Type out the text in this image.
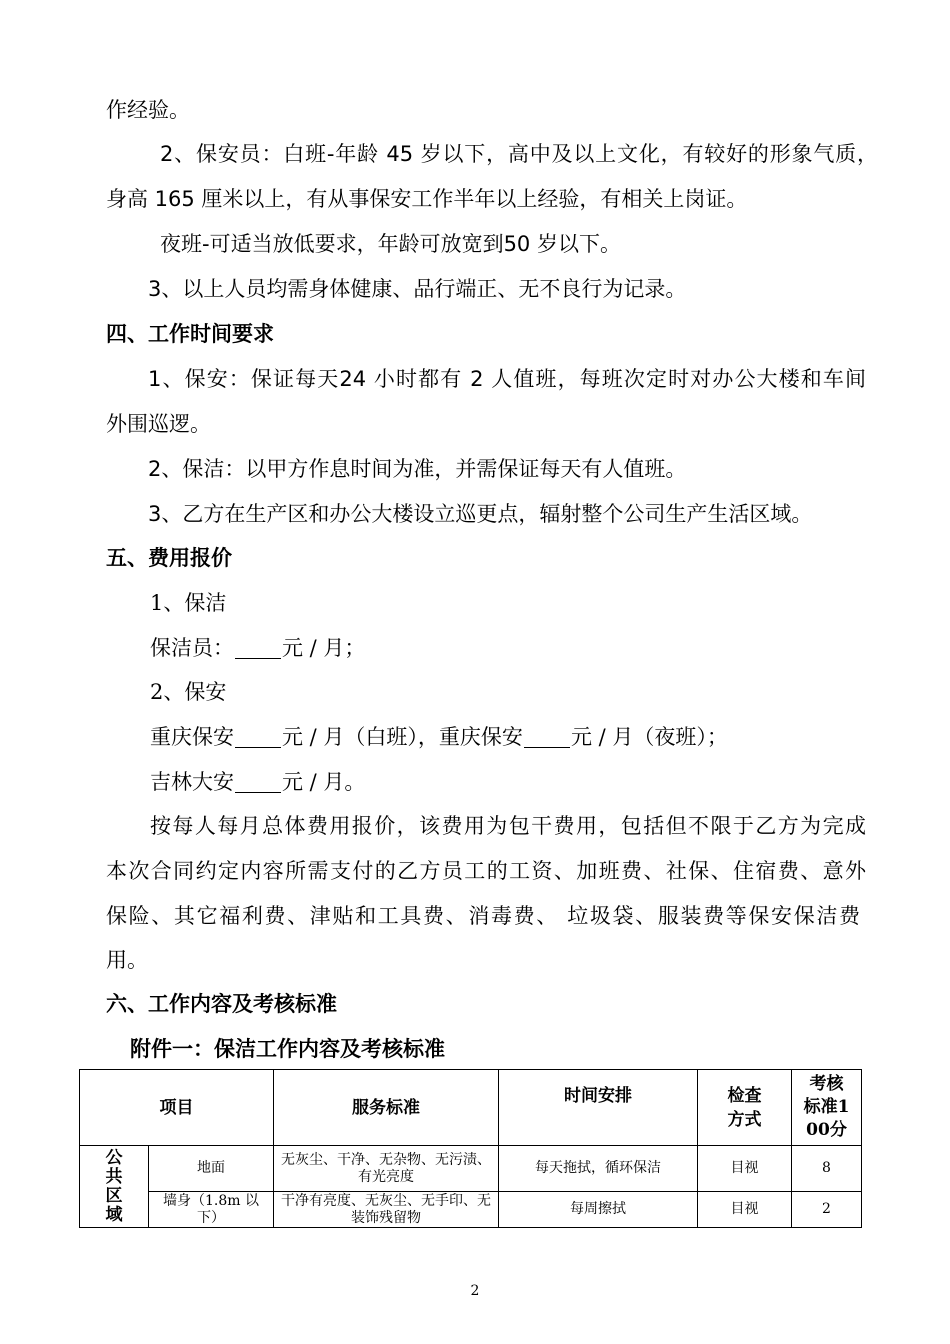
作经验。
2、保安员：白班-年龄 45 岁以下，高中及以上文化，有较好的形象气质，
身高 165 厘米以上，有从事保安工作半年以上经验，有相关上岗证。
夜班-可适当放低要求，年龄可放宽到50 岁以下。
3、以上人员均需身体健康、品行端正、无不良行为记录。
四、工作时间要求
1、保安：保证每天24 小时都有 2 人值班，每班次定时对办公大楼和车间
外围巡逻。
2、保洁：以甲方作息时间为准，并需保证每天有人值班。
3、乙方在生产区和办公大楼设立巡更点，辐射整个公司生产生活区域。
五、费用报价
1、保洁
保洁员： 元 / 月；
2、保安
重庆保安 元 / 月（白班），重庆保安 元 / 月（夜班）；
吉林大安 元 / 月。
按每人每月总体费用报价，该费用为包干费用，包括但不限于乙方为完成
本次合同约定内容所需支付的乙方员工的工资、加班费、社保、住宿费、意外
保险、其它福利费、津贴和工具费、消毒费、 垃圾袋、服装费等保安保洁费
用。
六、工作内容及考核标准
附件一：保洁工作内容及考核标准
项目		服务标准	时间安排	检查方式	考核标准100分

公共区域	地面	无灰尘、干净、无杂物、无污渍、有光亮度	每天拖拭，循环保洁	目视	8
	墙身（1.8m 以下）	干净有亮度、无灰尘、无手印、无装饰残留物	每周擦拭	目视	2
2
